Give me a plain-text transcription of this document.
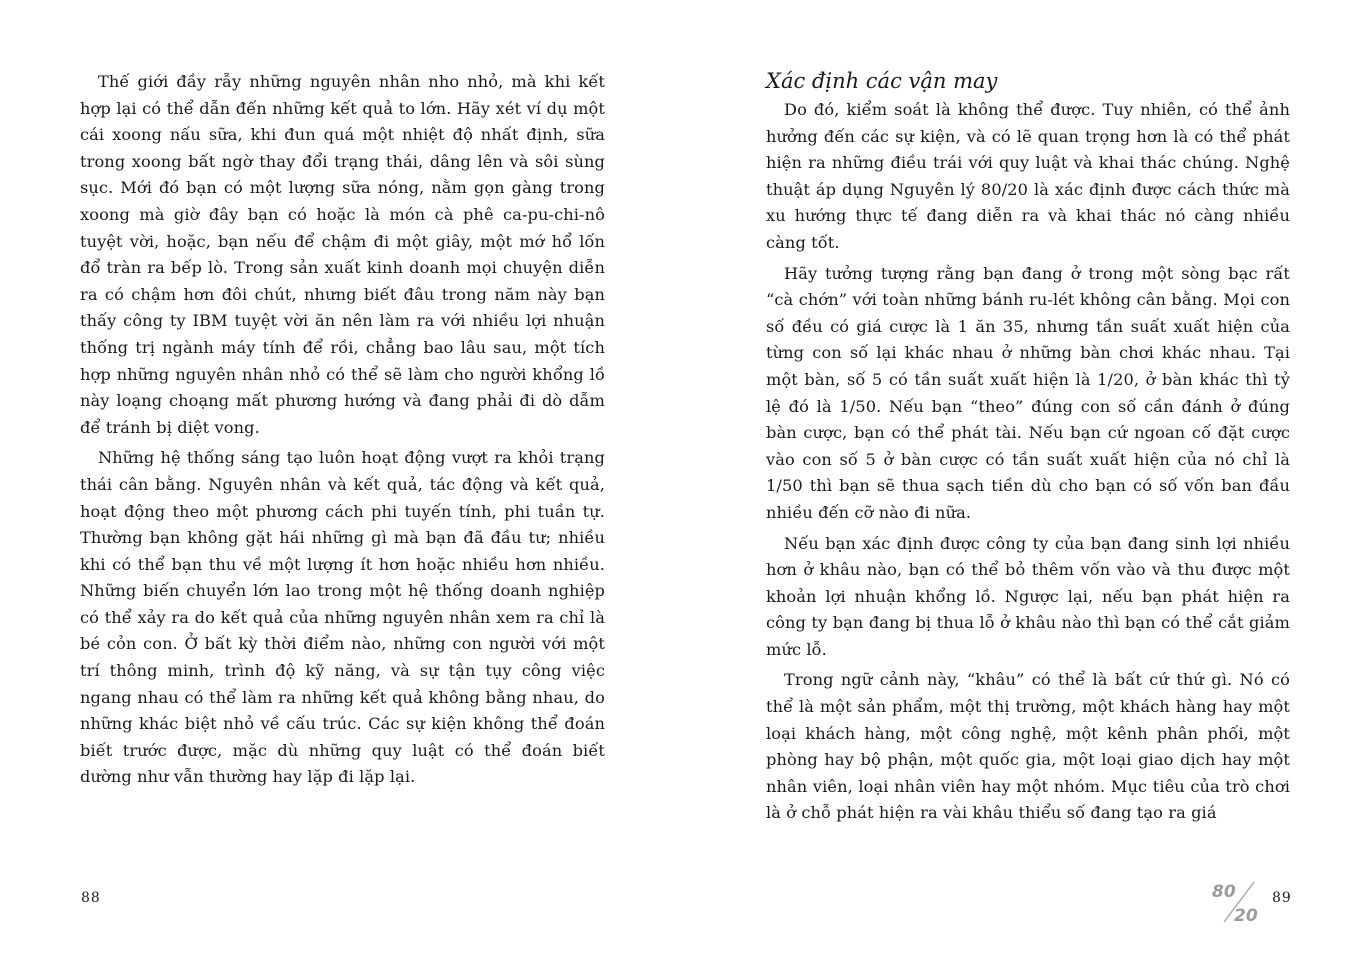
Thế giới đầy rẫy những nguyên nhân nho nhỏ, mà khi kết hợp lại có thể dẫn đến những kết quả to lớn. Hãy xét ví dụ một cái xoong nấu sữa, khi đun quá một nhiệt độ nhất định, sữa trong xoong bất ngờ thay đổi trạng thái, dâng lên và sôi sùng sục. Mới đó bạn có một lượng sữa nóng, nằm gọn gàng trong xoong mà giờ đây bạn có hoặc là món cà phê ca-pu-chi-nô tuyệt vời, hoặc, bạn nếu để chậm đi một giây, một mớ hổ lốn đổ tràn ra bếp lò. Trong sản xuất kinh doanh mọi chuyện diễn ra có chậm hơn đôi chút, nhưng biết đâu trong năm này bạn thấy công ty IBM tuyệt vời ăn nên làm ra với nhiều lợi nhuận thống trị ngành máy tính để rồi, chẳng bao lâu sau, một tích hợp những nguyên nhân nhỏ có thể sẽ làm cho người khổng lồ này loạng choạng mất phương hướng và đang phải đi dò dẫm để tránh bị diệt vong.

Những hệ thống sáng tạo luôn hoạt động vượt ra khỏi trạng thái cân bằng. Nguyên nhân và kết quả, tác động và kết quả, hoạt động theo một phương cách phi tuyến tính, phi tuần tự. Thường bạn không gặt hái những gì mà bạn đã đầu tư; nhiều khi có thể bạn thu về một lượng ít hơn hoặc nhiều hơn nhiều. Những biến chuyển lớn lao trong một hệ thống doanh nghiệp có thể xảy ra do kết quả của những nguyên nhân xem ra chỉ là bé cỏn con. Ở bất kỳ thời điểm nào, những con người với một trí thông minh, trình độ kỹ năng, và sự tận tụy công việc ngang nhau có thể làm ra những kết quả không bằng nhau, do những khác biệt nhỏ về cấu trúc. Các sự kiện không thể đoán biết trước được, mặc dù những quy luật có thể đoán biết dường như vẫn thường hay lặp đi lặp lại.

88
Xác định các vận may

Do đó, kiểm soát là không thể được. Tuy nhiên, có thể ảnh hưởng đến các sự kiện, và có lẽ quan trọng hơn là có thể phát hiện ra những điều trái với quy luật và khai thác chúng. Nghệ thuật áp dụng Nguyên lý 80/20 là xác định được cách thức mà xu hướng thực tế đang diễn ra và khai thác nó càng nhiều càng tốt.

Hãy tưởng tượng rằng bạn đang ở trong một sòng bạc rất “cà chớn” với toàn những bánh ru-lét không cân bằng. Mọi con số đều có giá cược là 1 ăn 35, nhưng tần suất xuất hiện của từng con số lại khác nhau ở những bàn chơi khác nhau. Tại một bàn, số 5 có tần suất xuất hiện là 1/20, ở bàn khác thì tỷ lệ đó là 1/50. Nếu bạn “theo” đúng con số cần đánh ở đúng bàn cược, bạn có thể phát tài. Nếu bạn cứ ngoan cố đặt cược vào con số 5 ở bàn cược có tần suất xuất hiện của nó chỉ là 1/50 thì bạn sẽ thua sạch tiền dù cho bạn có số vốn ban đầu nhiều đến cỡ nào đi nữa.

Nếu bạn xác định được công ty của bạn đang sinh lợi nhiều hơn ở khâu nào, bạn có thể bỏ thêm vốn vào và thu được một khoản lợi nhuận khổng lồ. Ngược lại, nếu bạn phát hiện ra công ty bạn đang bị thua lỗ ở khâu nào thì bạn có thể cắt giảm mức lỗ.

Trong ngữ cảnh này, “khâu” có thể là bất cứ thứ gì. Nó có thể là một sản phẩm, một thị trường, một khách hàng hay một loại khách hàng, một công nghệ, một kênh phân phối, một phòng hay bộ phận, một quốc gia, một loại giao dịch hay một nhân viên, loại nhân viên hay một nhóm. Mục tiêu của trò chơi là ở chỗ phát hiện ra vài khâu thiểu số đang tạo ra giá

80
20
89
